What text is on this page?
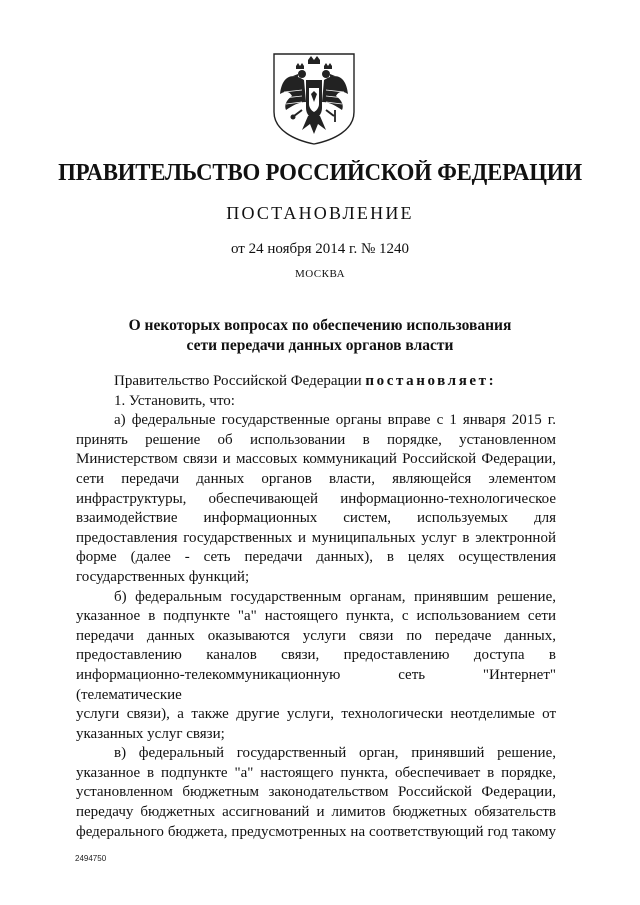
ПРАВИТЕЛЬСТВО РОССИЙСКОЙ ФЕДЕРАЦИИ
ПОСТАНОВЛЕНИЕ
от 24 ноября 2014 г. № 1240
МОСКВА
О некоторых вопросах по обеспечению использования
сети передачи данных органов власти

Правительство Российской Федерации постановляет:

1. Установить, что:

а) федеральные государственные органы вправе с 1 января 2015 г.
принять решение об использовании в порядке, установленном
Министерством связи и массовых коммуникаций Российской Федерации,
сети передачи данных органов власти, являющейся элементом
инфраструктуры, обеспечивающей информационно-технологическое
взаимодействие информационных систем, используемых для
предоставления государственных и муниципальных услуг в электронной
форме (далее - сеть передачи данных), в целях осуществления
государственных функций;
б) федеральным государственным органам, принявшим решение,
указанное в подпункте "а" настоящего пункта, с использованием сети
передачи данных оказываются услуги связи по передаче данных,
предоставлению каналов связи, предоставлению доступа в
информационно-телекоммуникационную сеть "Интернет" (телематические
услуги связи), а также другие услуги, технологически неотделимые от
указанных услуг связи;
в) федеральный государственный орган, принявший решение,
указанное в подпункте "а" настоящего пункта, обеспечивает в порядке,
установленном бюджетным законодательством Российской Федерации,
передачу бюджетных ассигнований и лимитов бюджетных обязательств
федерального бюджета, предусмотренных на соответствующий год такому
2494750
